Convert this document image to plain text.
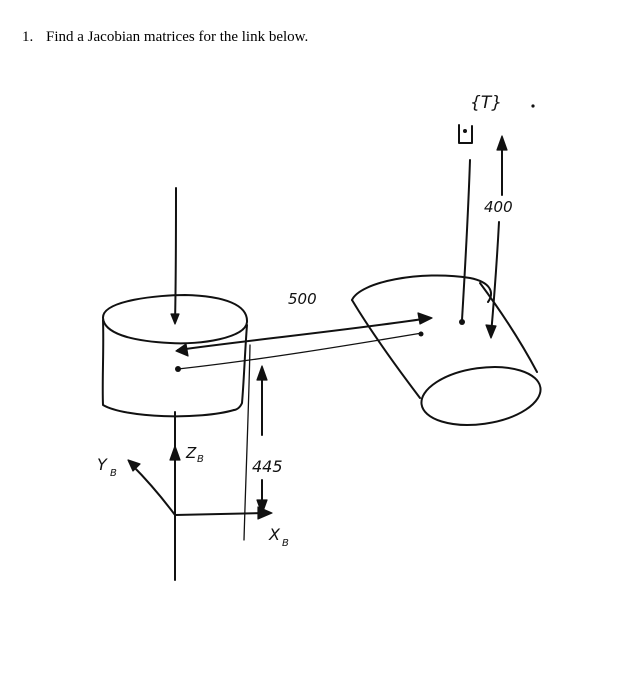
1. Find a Jacobian matrices for the link below.
{T}
400
500
445
Y B
Z B
X B
